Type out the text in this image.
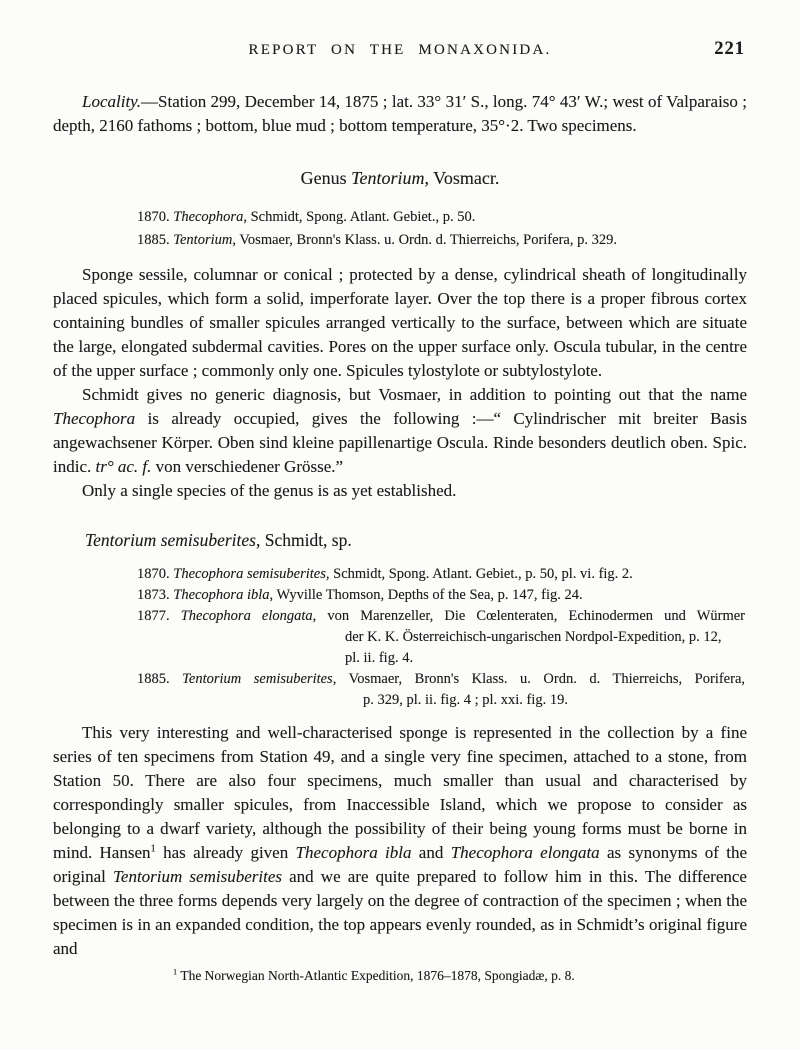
REPORT ON THE MONAXONIDA.	221

Locality.—Station 299, December 14, 1875 ; lat. 33° 31′ S., long. 74° 43′ W.; west of Valparaiso ; depth, 2160 fathoms ; bottom, blue mud ; bottom temperature, 35°·2. Two specimens.

Genus Tentorium, Vosmacr.
1870. Thecophora, Schmidt, Spong. Atlant. Gebiet., p. 50.
1885. Tentorium, Vosmaer, Bronn's Klass. u. Ordn. d. Thierreichs, Porifera, p. 329.

Sponge sessile, columnar or conical ; protected by a dense, cylindrical sheath of longitudinally placed spicules, which form a solid, imperforate layer. Over the top there is a proper fibrous cortex containing bundles of smaller spicules arranged vertically to the surface, between which are situate the large, elongated subdermal cavities. Pores on the upper surface only. Oscula tubular, in the centre of the upper surface ; commonly only one. Spicules tylostylote or subtylostylote.

Schmidt gives no generic diagnosis, but Vosmaer, in addition to pointing out that the name Thecophora is already occupied, gives the following :—“ Cylindrischer mit breiter Basis angewachsener Körper. Oben sind kleine papillenartige Oscula. Rinde besonders deutlich oben. Spic. indic. tr° ac. f. von verschiedener Grösse.”

Only a single species of the genus is as yet established.

Tentorium semisuberites, Schmidt, sp.
1870. Thecophora semisuberites, Schmidt, Spong. Atlant. Gebiet., p. 50, pl. vi. fig. 2.
1873. Thecophora ibla, Wyville Thomson, Depths of the Sea, p. 147, fig. 24.
1877. Thecophora elongata, von Marenzeller, Die Cœlenteraten, Echinodermen und Würmer
der K. K. Österreichisch-ungarischen Nordpol-Expedition, p. 12,
pl. ii. fig. 4.
1885. Tentorium semisuberites, Vosmaer, Bronn's Klass. u. Ordn. d. Thierreichs, Porifera,
p. 329, pl. ii. fig. 4 ; pl. xxi. fig. 19.

This very interesting and well-characterised sponge is represented in the collection by a fine series of ten specimens from Station 49, and a single very fine specimen, attached to a stone, from Station 50. There are also four specimens, much smaller than usual and characterised by correspondingly smaller spicules, from Inaccessible Island, which we propose to consider as belonging to a dwarf variety, although the possibility of their being young forms must be borne in mind. Hansen$^1$ has already given Thecophora ibla and Thecophora elongata as synonyms of the original Tentorium semisuberites and we are quite prepared to follow him in this. The difference between the three forms depends very largely on the degree of contraction of the specimen ; when the specimen is in an expanded condition, the top appears evenly rounded, as in Schmidt’s original figure and

$^1$ The Norwegian North-Atlantic Expedition, 1876–1878, Spongiadæ, p. 8.
